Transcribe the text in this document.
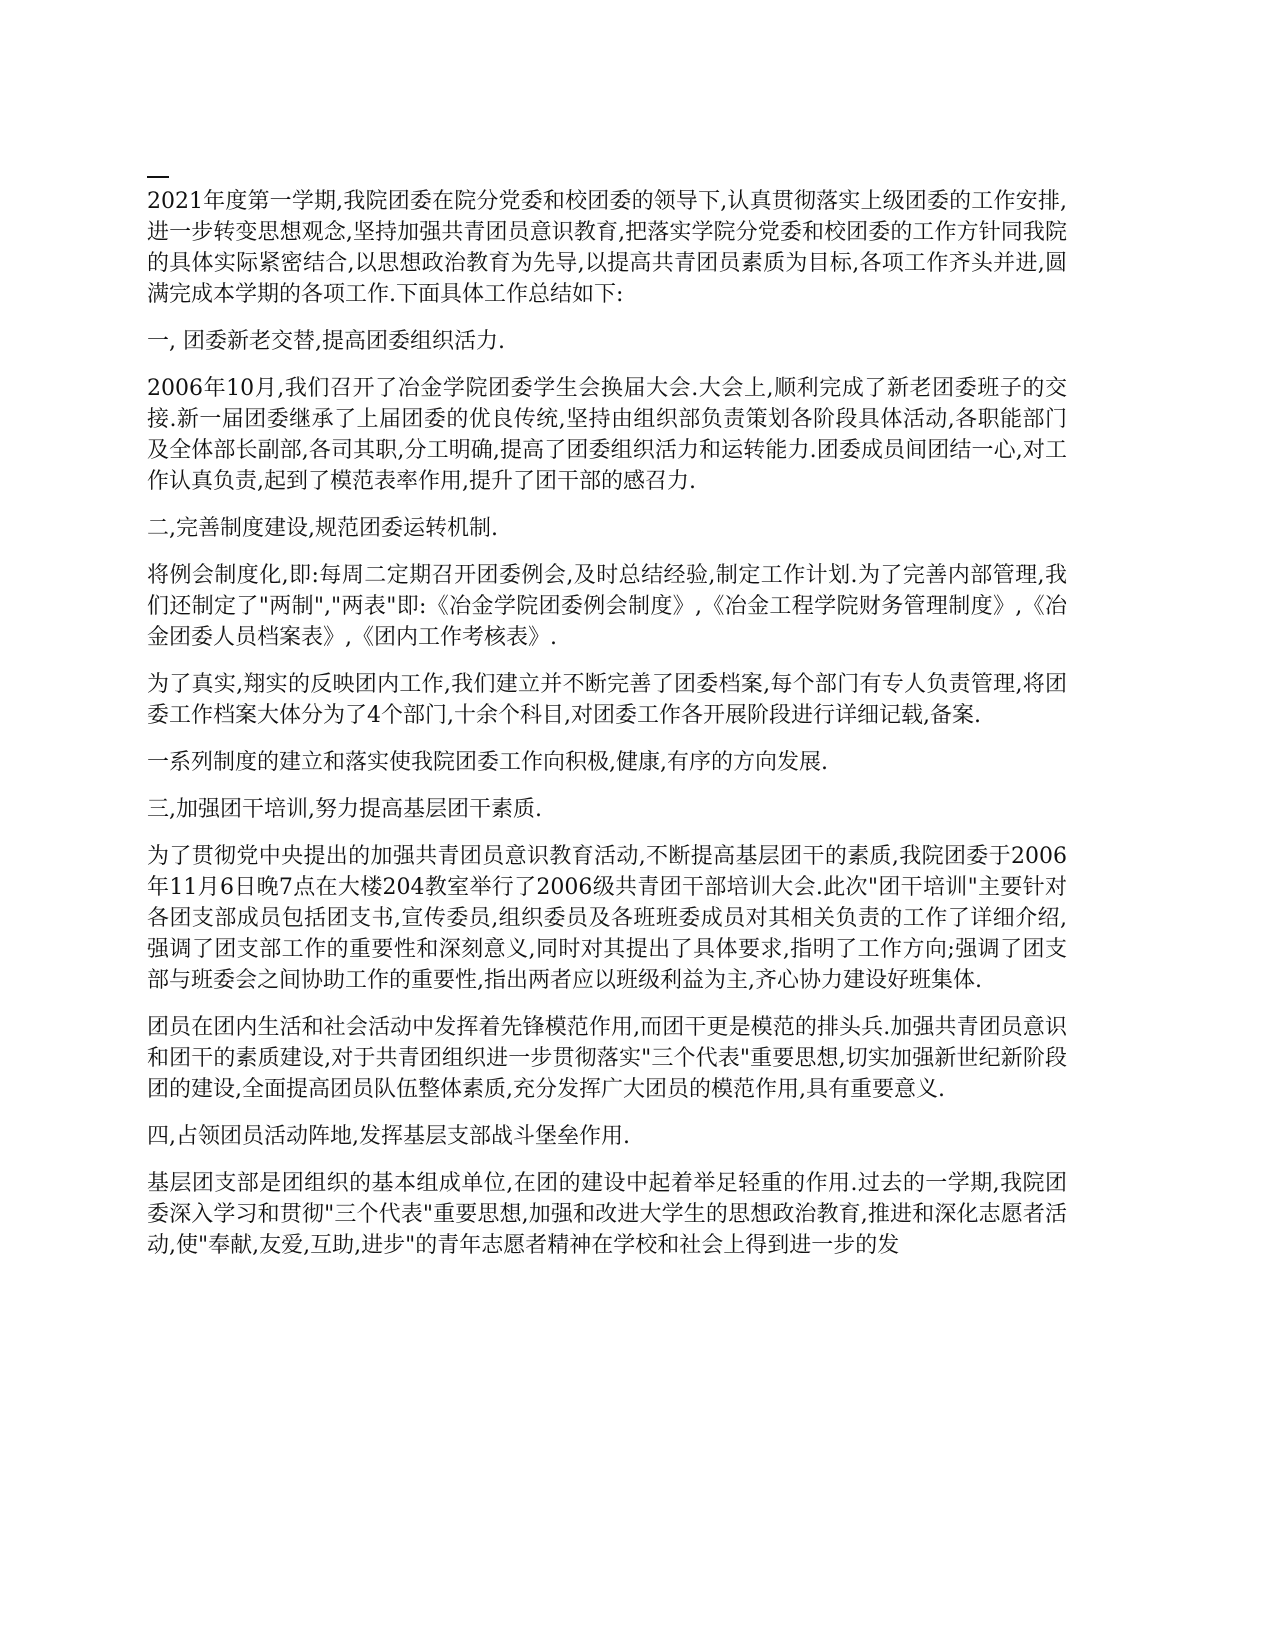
2021年度第一学期,我院团委在院分党委和校团委的领导下,认真贯彻落实上级团委的工作安排,进一步转变思想观念,坚持加强共青团员意识教育,把落实学院分党委和校团委的工作方针同我院的具体实际紧密结合,以思想政治教育为先导,以提高共青团员素质为目标,各项工作齐头并进,圆满完成本学期的各项工作.下面具体工作总结如下:

一, 团委新老交替,提高团委组织活力.

2006年10月,我们召开了冶金学院团委学生会换届大会.大会上,顺利完成了新老团委班子的交接.新一届团委继承了上届团委的优良传统,坚持由组织部负责策划各阶段具体活动,各职能部门及全体部长副部,各司其职,分工明确,提高了团委组织活力和运转能力.团委成员间团结一心,对工作认真负责,起到了模范表率作用,提升了团干部的感召力.

二,完善制度建设,规范团委运转机制.

将例会制度化,即:每周二定期召开团委例会,及时总结经验,制定工作计划.为了完善内部管理,我们还制定了"两制","两表"即:《冶金学院团委例会制度》,《冶金工程学院财务管理制度》,《冶金团委人员档案表》,《团内工作考核表》.

为了真实,翔实的反映团内工作,我们建立并不断完善了团委档案,每个部门有专人负责管理,将团委工作档案大体分为了4个部门,十余个科目,对团委工作各开展阶段进行详细记载,备案.

一系列制度的建立和落实使我院团委工作向积极,健康,有序的方向发展.

三,加强团干培训,努力提高基层团干素质.

为了贯彻党中央提出的加强共青团员意识教育活动,不断提高基层团干的素质,我院团委于2006年11月6日晚7点在大楼204教室举行了2006级共青团干部培训大会.此次"团干培训"主要针对各团支部成员包括团支书,宣传委员,组织委员及各班班委成员对其相关负责的工作了详细介绍,强调了团支部工作的重要性和深刻意义,同时对其提出了具体要求,指明了工作方向;强调了团支部与班委会之间协助工作的重要性,指出两者应以班级利益为主,齐心协力建设好班集体.

团员在团内生活和社会活动中发挥着先锋模范作用,而团干更是模范的排头兵.加强共青团员意识和团干的素质建设,对于共青团组织进一步贯彻落实"三个代表"重要思想,切实加强新世纪新阶段团的建设,全面提高团员队伍整体素质,充分发挥广大团员的模范作用,具有重要意义.

四,占领团员活动阵地,发挥基层支部战斗堡垒作用.

基层团支部是团组织的基本组成单位,在团的建设中起着举足轻重的作用.过去的一学期,我院团委深入学习和贯彻"三个代表"重要思想,加强和改进大学生的思想政治教育,推进和深化志愿者活动,使"奉献,友爱,互助,进步"的青年志愿者精神在学校和社会上得到进一步的发
